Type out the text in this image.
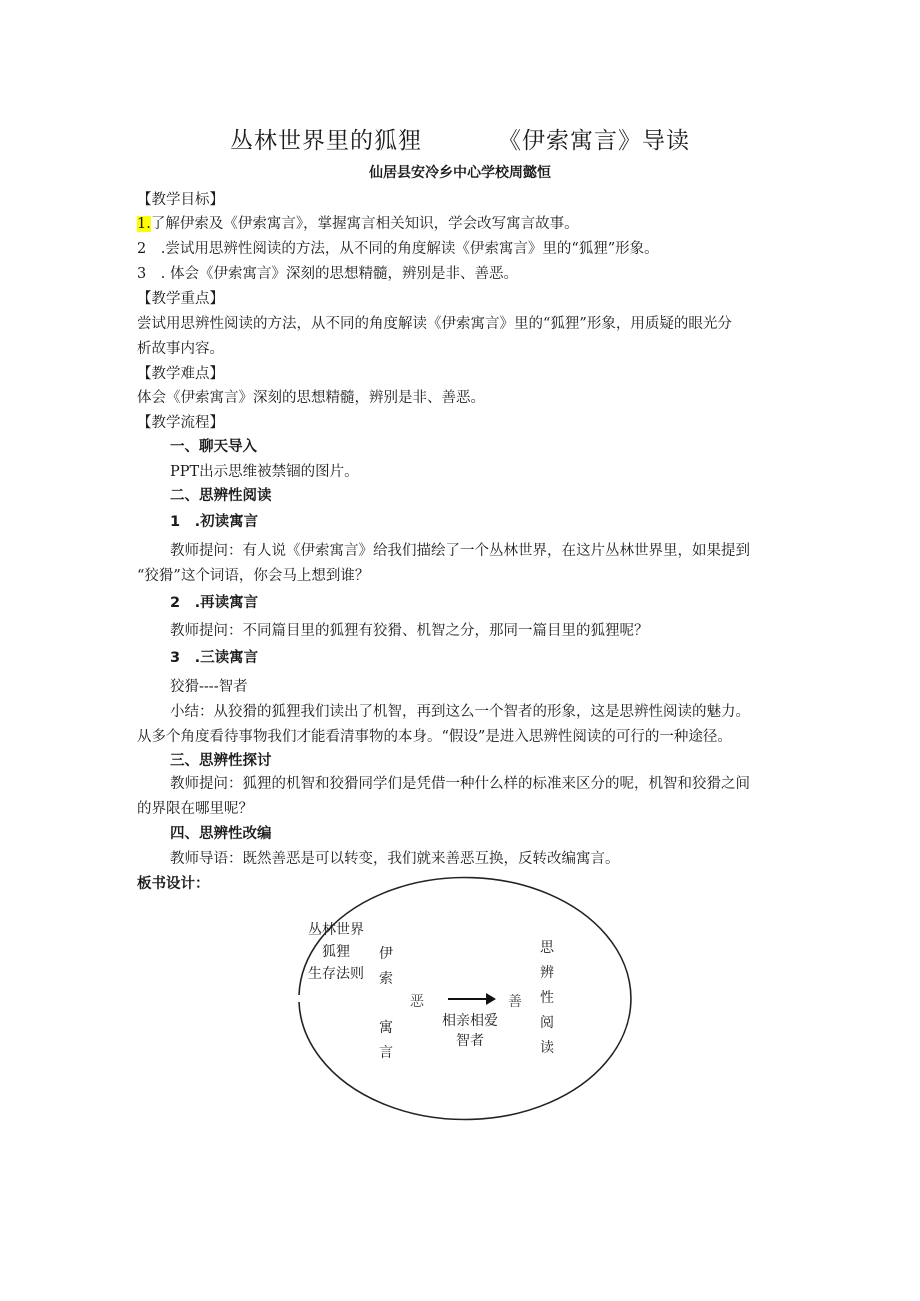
丛林世界里的狐狸	《伊索寓言》导读
仙居县安冷乡中心学校周懿恒
【教学目标】
1.了解伊索及《伊索寓言》，掌握寓言相关知识，学会改写寓言故事。
2　.尝试用思辨性阅读的方法，从不同的角度解读《伊索寓言》里的“狐狸”形象。
3　. 体会《伊索寓言》深刻的思想精髓，辨别是非、善恶。
【教学重点】
尝试用思辨性阅读的方法，从不同的角度解读《伊索寓言》里的“狐狸”形象，用质疑的眼光分
析故事内容。
【教学难点】
体会《伊索寓言》深刻的思想精髓，辨别是非、善恶。
【教学流程】
一、聊天导入
PPT出示思维被禁锢的图片。
二、思辨性阅读
1　.初读寓言
教师提问：有人说《伊索寓言》给我们描绘了一个丛林世界，在这片丛林世界里，如果提到
“狡猾”这个词语，你会马上想到谁？
2　.再读寓言
教师提问：不同篇目里的狐狸有狡猾、机智之分，那同一篇目里的狐狸呢？
3　.三读寓言
狡猾----智者
小结：从狡猾的狐狸我们读出了机智，再到这么一个智者的形象，这是思辨性阅读的魅力。
从多个角度看待事物我们才能看清事物的本身。“假设”是进入思辨性阅读的可行的一种途径。
三、思辨性探讨
教师提问：狐狸的机智和狡猾同学们是凭借一种什么样的标准来区分的呢，机智和狡猾之间
的界限在哪里呢？
四、思辨性改编
教师导语：既然善恶是可以转变，我们就来善恶互换，反转改编寓言。
板书设计：
丛林世界
狐狸
生存法则
伊索
寓言
恶	善
相亲相爱
智者
思辨性阅读
